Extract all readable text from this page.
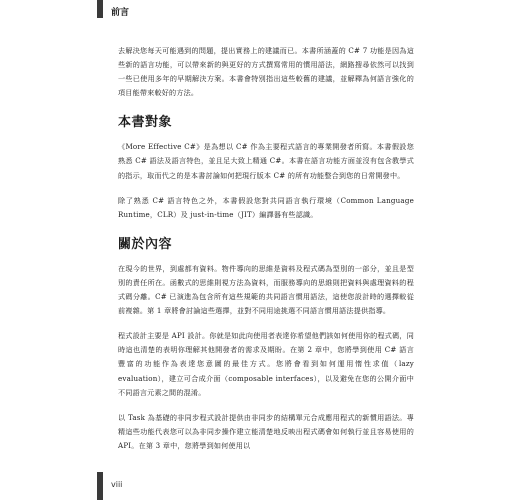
前言

去解決您每天可能遇到的問題，提出實務上的建議而已。本書所涵蓋的 C# 7 功能是因為這些新的語言功能，可以帶來新的與更好的方式撰寫常用的慣用語法，網路搜尋依然可以找到一些已使用多年的早期解決方案。本書會特別指出這些較舊的建議，並解釋為何語言強化的項目能帶來較好的方法。

本書對象

《More Effective C#》是為想以 C# 作為主要程式語言的專業開發者所寫。本書假設您熟悉 C# 語法及語言特色，並且足大致上精通 C#。本書在語言功能方面並沒有包含教學式的指示，取而代之的是本書討論如何把現行版本 C# 的所有功能整合到您的日常開發中。

除了熟悉 C# 語言特色之外，本書假設您對共同語言執行環境（Common Language Runtime，CLR）及 just-in-time（JIT）編譯器有些認識。

關於內容

在現今的世界，到處都有資料。物件導向的思維是資料及程式碼為型別的一部分，並且是型別的責任所在。函數式的思維則視方法為資料，而服務導向的思維則把資料與處理資料的程式碼分離。C# 已演進為包含所有這些規範的共同語言慣用語法，這使您設計時的選擇較從前複雜。第 1 章將會討論這些選擇，並對不同用途挑選不同語言慣用語法提供指導。

程式設計主要是 API 設計。你就是如此向使用者表達你希望他們該如何使用你的程式碼，同時這也清楚的表明你理解其他開發者的需求及期盼。在第 2 章中，您將學到使用 C# 語言豐富的功能作為表達您意圖的最佳方式。您將會看到如何運用惰性求值（lazy evaluation），建立可合成介面（composable interfaces），以及避免在您的公開介面中不同語言元素之間的混淆。

以 Task 為基礎的非同步程式設計提供由非同步的結構單元合成應用程式的新慣用語法。專精這些功能代表您可以為非同步操作建立能清楚地反映出程式碼會如何執行並且容易使用的 API。在第 3 章中，您將學到如何使用以

viii
